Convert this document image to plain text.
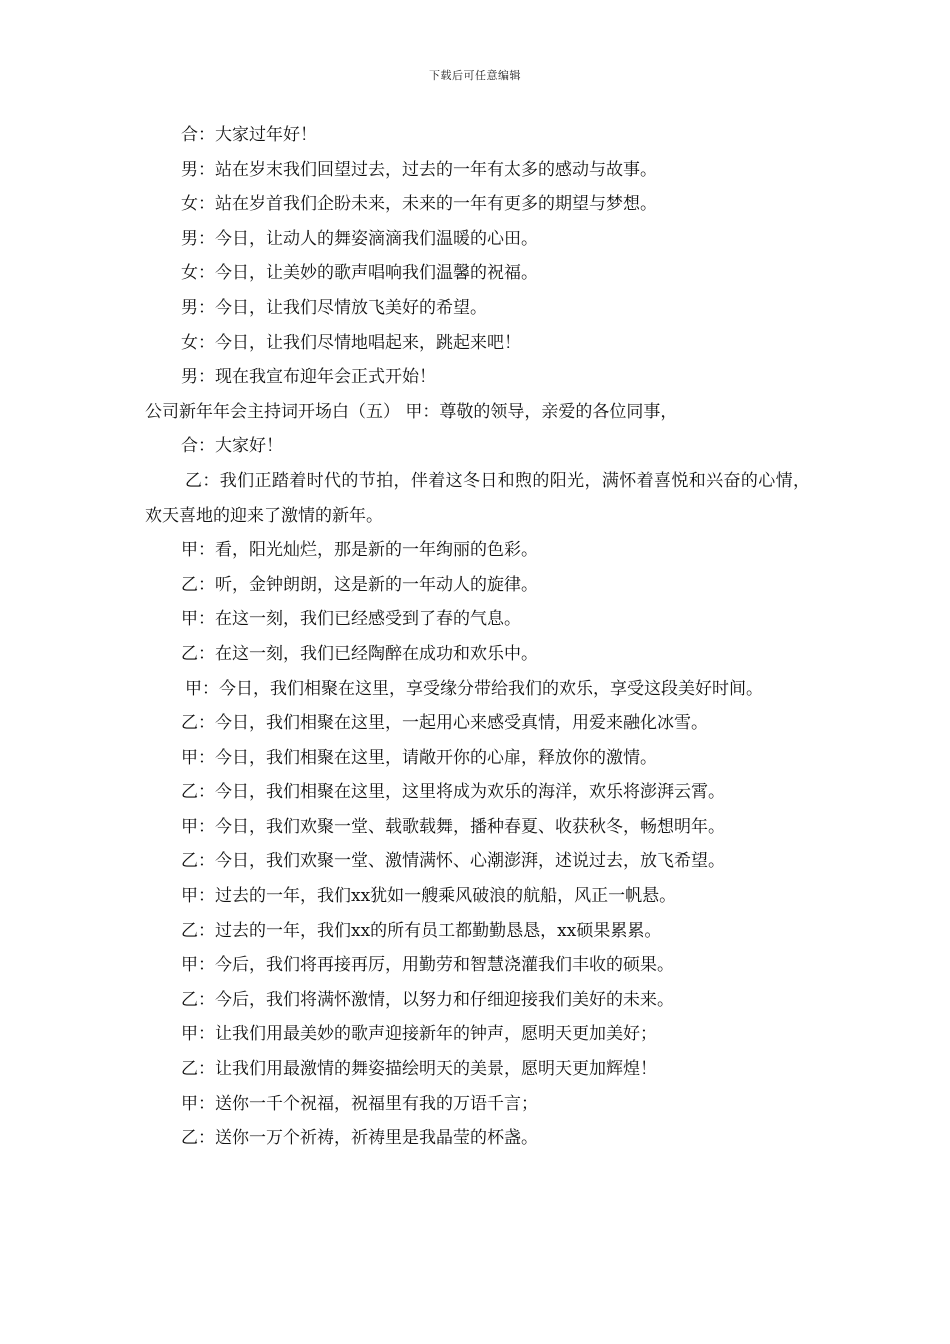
下载后可任意编辑

合：大家过年好！

男：站在岁末我们回望过去，过去的一年有太多的感动与故事。

女：站在岁首我们企盼未来，未来的一年有更多的期望与梦想。

男：今日，让动人的舞姿滴滴我们温暖的心田。

女：今日，让美妙的歌声唱响我们温馨的祝福。

男：今日，让我们尽情放飞美好的希望。

女：今日，让我们尽情地唱起来，跳起来吧！

男：现在我宣布迎年会正式开始！

公司新年年会主持词开场白（五） 甲：尊敬的领导，亲爱的各位同事，

合：大家好！

乙：我们正踏着时代的节拍，伴着这冬日和煦的阳光，满怀着喜悦和兴奋的心情，欢天喜地的迎来了激情的新年。

甲：看，阳光灿烂，那是新的一年绚丽的色彩。

乙：听，金钟朗朗，这是新的一年动人的旋律。

甲：在这一刻，我们已经感受到了春的气息。

乙：在这一刻，我们已经陶醉在成功和欢乐中。

甲：今日，我们相聚在这里，享受缘分带给我们的欢乐，享受这段美好时间。

乙：今日，我们相聚在这里，一起用心来感受真情，用爱来融化冰雪。

甲：今日，我们相聚在这里，请敞开你的心扉，释放你的激情。

乙：今日，我们相聚在这里，这里将成为欢乐的海洋，欢乐将澎湃云霄。

甲：今日，我们欢聚一堂、载歌载舞，播种春夏、收获秋冬，畅想明年。

乙：今日，我们欢聚一堂、激情满怀、心潮澎湃，述说过去，放飞希望。

甲：过去的一年，我们xx犹如一艘乘风破浪的航船，风正一帆悬。

乙：过去的一年，我们xx的所有员工都勤勤恳恳，xx硕果累累。

甲：今后，我们将再接再厉，用勤劳和智慧浇灌我们丰收的硕果。

乙：今后，我们将满怀激情，以努力和仔细迎接我们美好的未来。

甲：让我们用最美妙的歌声迎接新年的钟声，愿明天更加美好；

乙：让我们用最激情的舞姿描绘明天的美景，愿明天更加辉煌！

甲：送你一千个祝福，祝福里有我的万语千言；

乙：送你一万个祈祷，祈祷里是我晶莹的杯盏。
